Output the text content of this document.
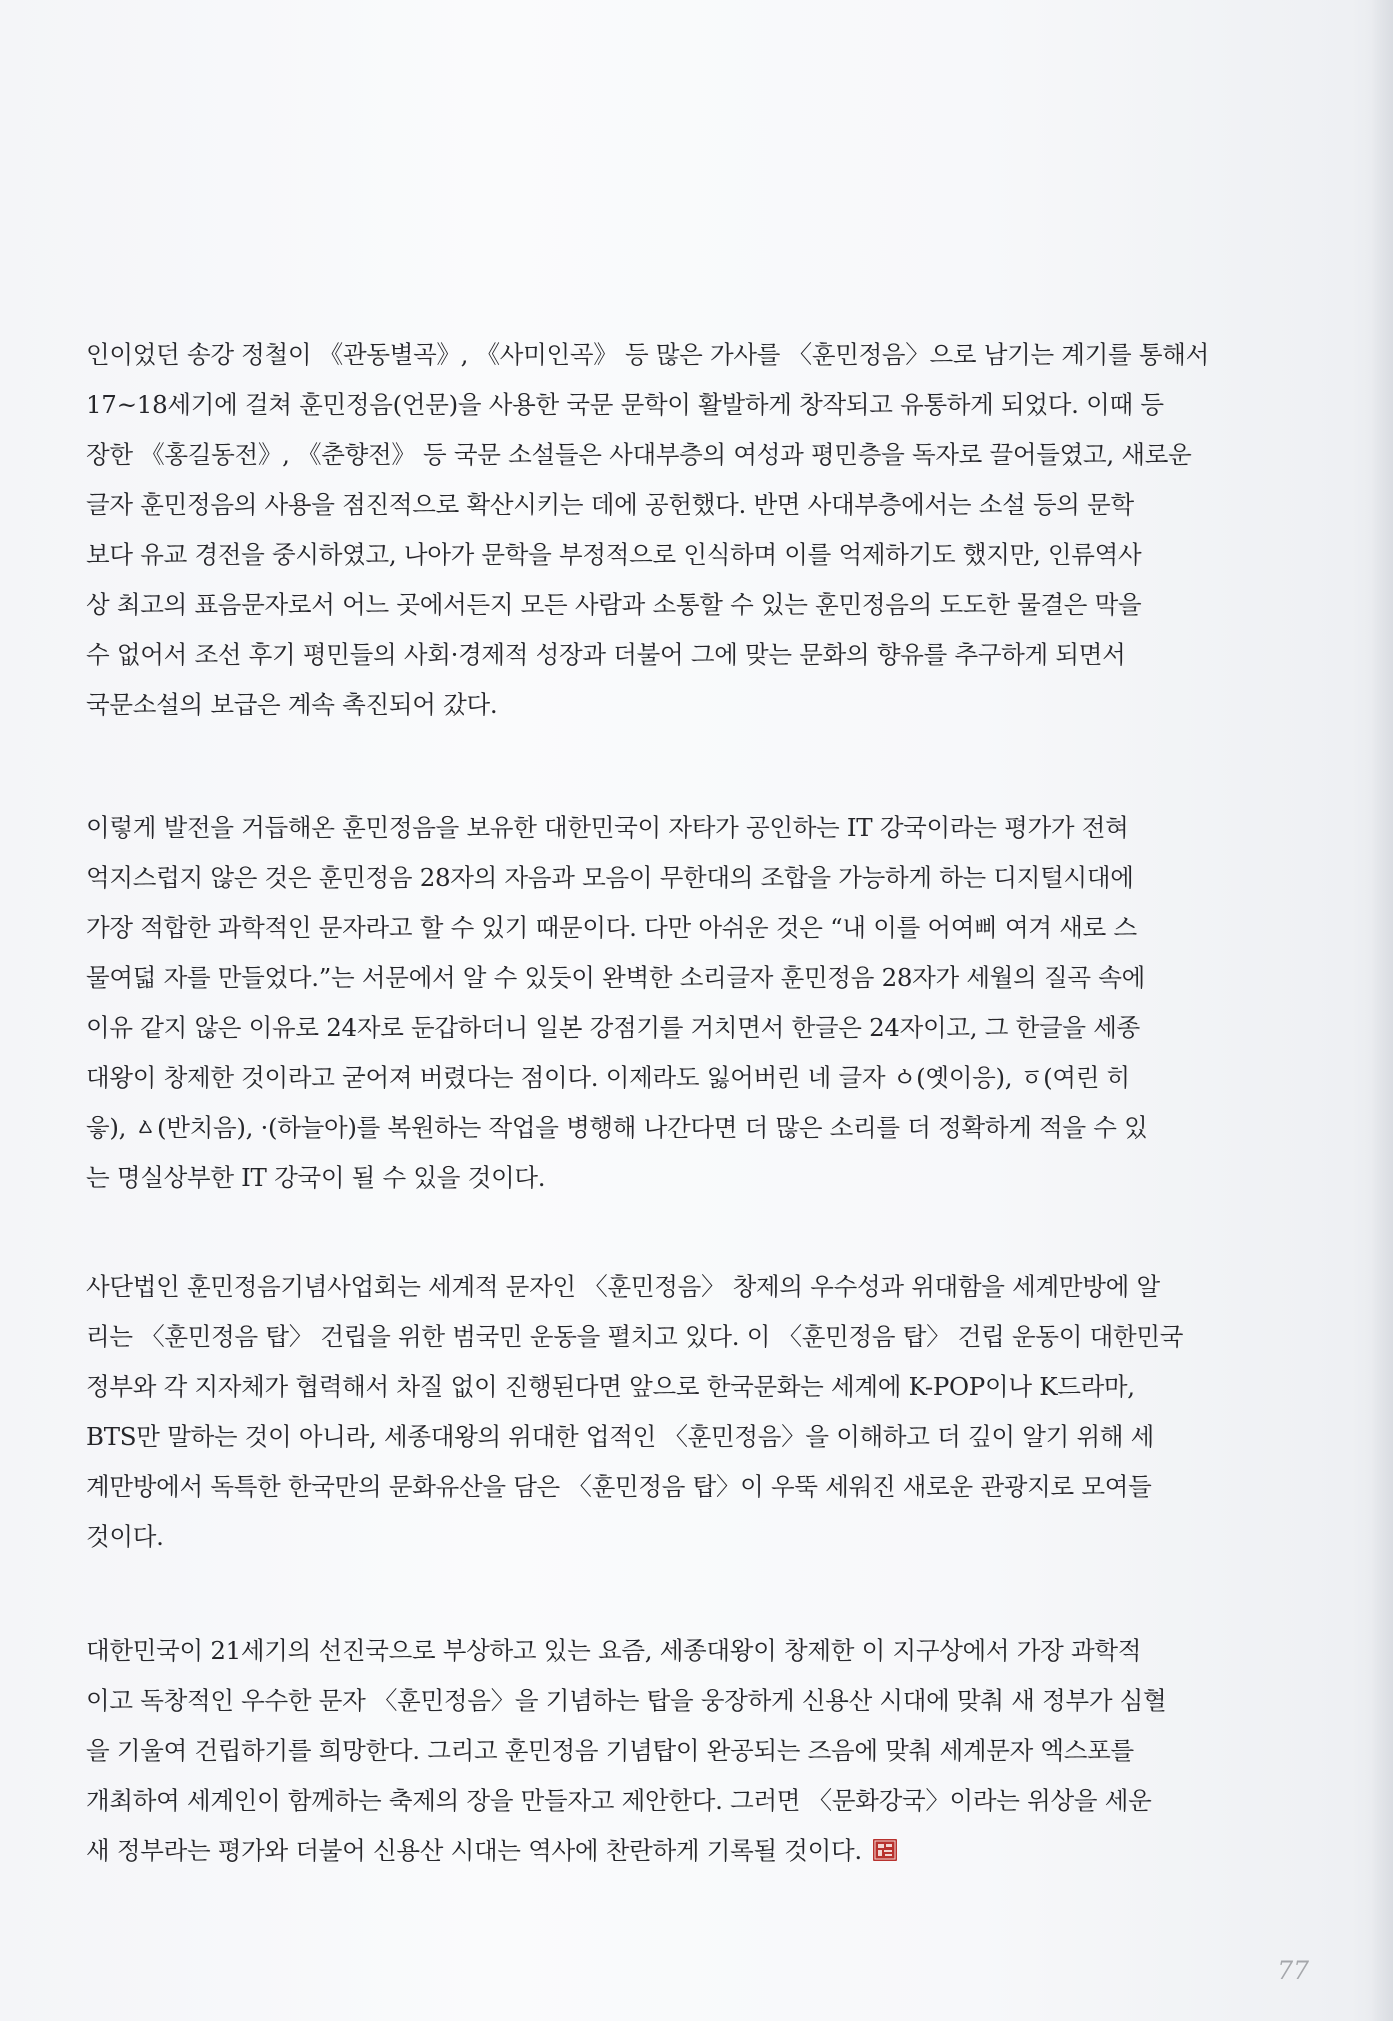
인이었던 송강 정철이 《관동별곡》, 《사미인곡》 등 많은 가사를 〈훈민정음〉으로 남기는 계기를 통해서
17~18세기에 걸쳐 훈민정음(언문)을 사용한 국문 문학이 활발하게 창작되고 유통하게 되었다. 이때 등
장한 《홍길동전》, 《춘향전》 등 국문 소설들은 사대부층의 여성과 평민층을 독자로 끌어들였고, 새로운
글자 훈민정음의 사용을 점진적으로 확산시키는 데에 공헌했다. 반면 사대부층에서는 소설 등의 문학
보다 유교 경전을 중시하였고, 나아가 문학을 부정적으로 인식하며 이를 억제하기도 했지만, 인류역사
상 최고의 표음문자로서 어느 곳에서든지 모든 사람과 소통할 수 있는 훈민정음의 도도한 물결은 막을
수 없어서 조선 후기 평민들의 사회·경제적 성장과 더불어 그에 맞는 문화의 향유를 추구하게 되면서
국문소설의 보급은 계속 촉진되어 갔다.
이렇게 발전을 거듭해온 훈민정음을 보유한 대한민국이 자타가 공인하는 IT 강국이라는 평가가 전혀
억지스럽지 않은 것은 훈민정음 28자의 자음과 모음이 무한대의 조합을 가능하게 하는 디지털시대에
가장 적합한 과학적인 문자라고 할 수 있기 때문이다. 다만 아쉬운 것은 “내 이를 어여삐 여겨 새로 스
물여덟 자를 만들었다.”는 서문에서 알 수 있듯이 완벽한 소리글자 훈민정음 28자가 세월의 질곡 속에
이유 같지 않은 이유로 24자로 둔갑하더니 일본 강점기를 거치면서 한글은 24자이고, 그 한글을 세종
대왕이 창제한 것이라고 굳어져 버렸다는 점이다. 이제라도 잃어버린 네 글자 ㆁ(옛이응), ㆆ(여린 히
읗), ㅿ(반치음), ·(하늘아)를 복원하는 작업을 병행해 나간다면 더 많은 소리를 더 정확하게 적을 수 있
는 명실상부한 IT 강국이 될 수 있을 것이다.
사단법인 훈민정음기념사업회는 세계적 문자인 〈훈민정음〉 창제의 우수성과 위대함을 세계만방에 알
리는 〈훈민정음 탑〉 건립을 위한 범국민 운동을 펼치고 있다. 이 〈훈민정음 탑〉 건립 운동이 대한민국
정부와 각 지자체가 협력해서 차질 없이 진행된다면 앞으로 한국문화는 세계에 K-POP이나 K드라마,
BTS만 말하는 것이 아니라, 세종대왕의 위대한 업적인 〈훈민정음〉을 이해하고 더 깊이 알기 위해 세
계만방에서 독특한 한국만의 문화유산을 담은 〈훈민정음 탑〉이 우뚝 세워진 새로운 관광지로 모여들
것이다.
대한민국이 21세기의 선진국으로 부상하고 있는 요즘, 세종대왕이 창제한 이 지구상에서 가장 과학적
이고 독창적인 우수한 문자 〈훈민정음〉을 기념하는 탑을 웅장하게 신용산 시대에 맞춰 새 정부가 심혈
을 기울여 건립하기를 희망한다. 그리고 훈민정음 기념탑이 완공되는 즈음에 맞춰 세계문자 엑스포를
개최하여 세계인이 함께하는 축제의 장을 만들자고 제안한다. 그러면 〈문화강국〉이라는 위상을 세운
새 정부라는 평가와 더불어 신용산 시대는 역사에 찬란하게 기록될 것이다.
77
